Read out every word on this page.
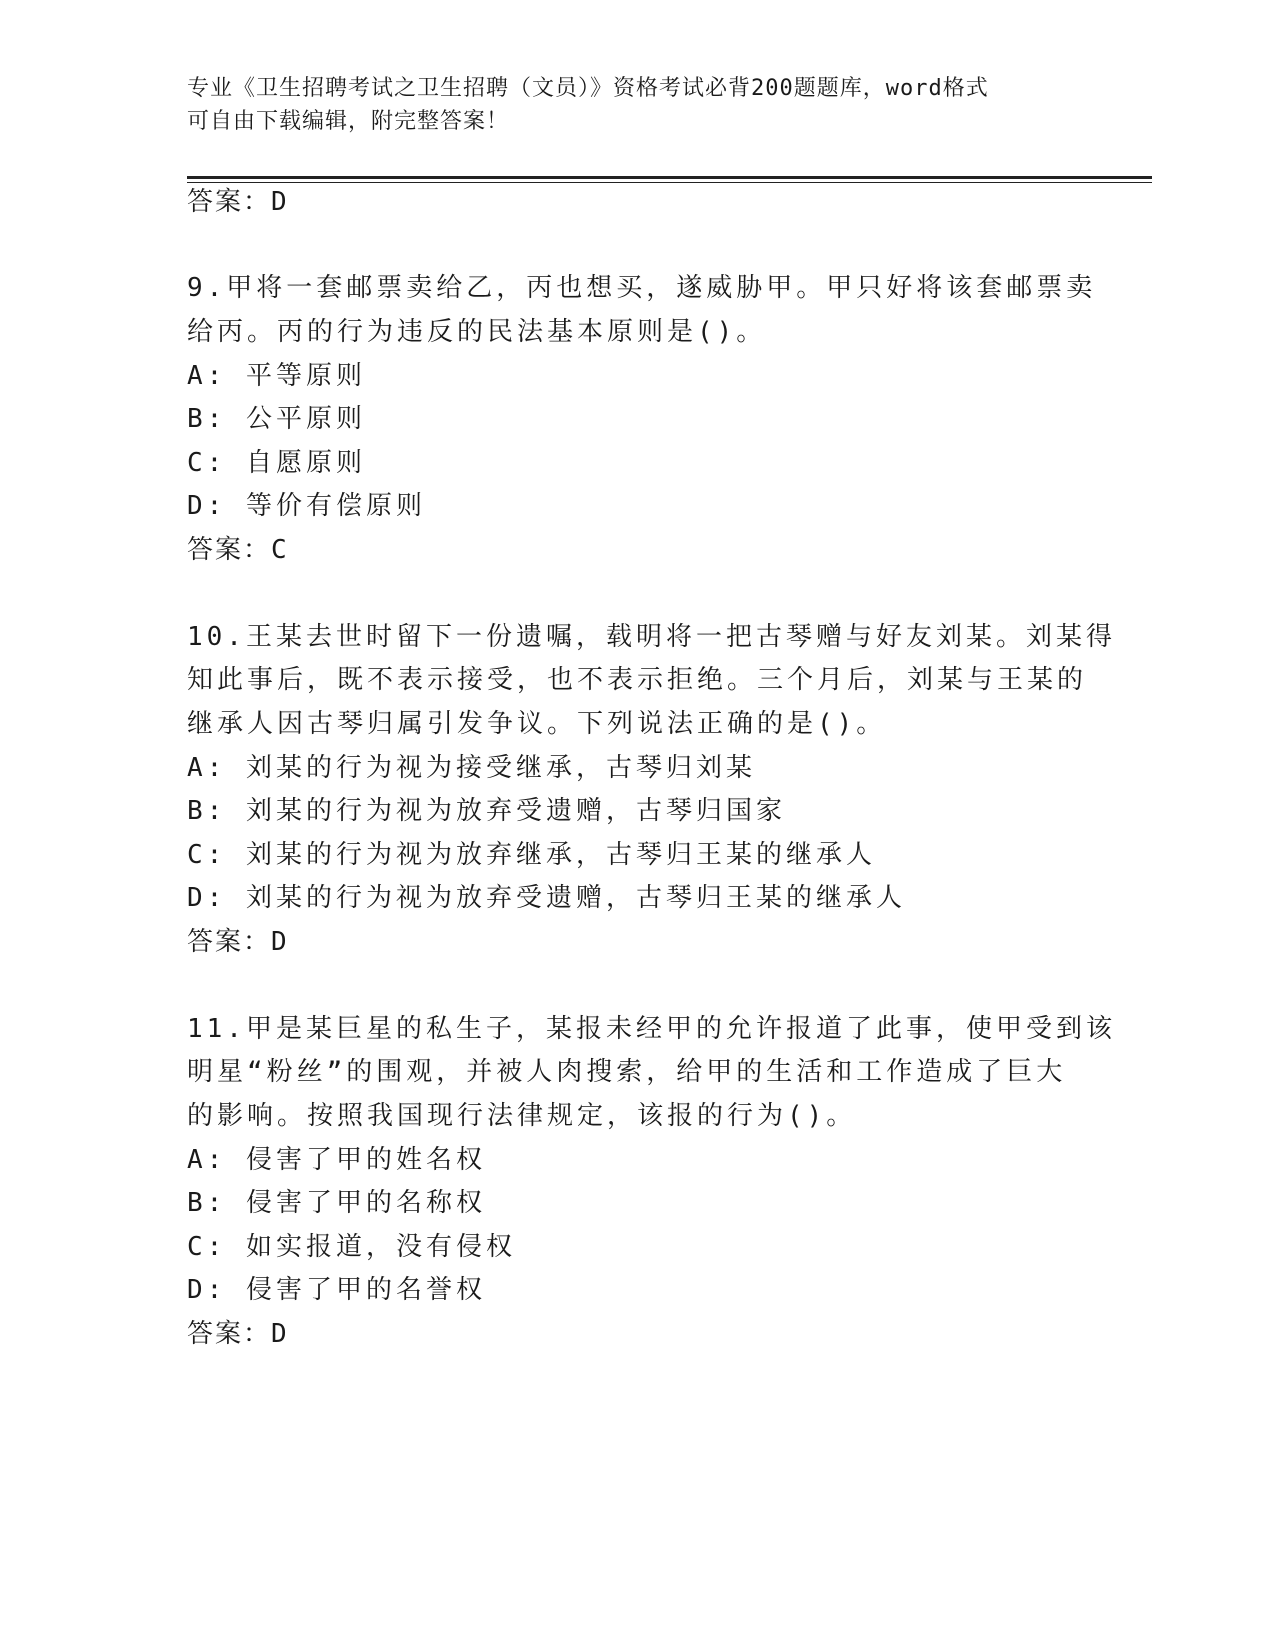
专业《卫生招聘考试之卫生招聘（文员）》资格考试必背200题题库，word格式
可自由下载编辑，附完整答案！
答案：D
9.甲将一套邮票卖给乙，丙也想买，遂威胁甲。甲只好将该套邮票卖
给丙。丙的行为违反的民法基本原则是()。
A: 平等原则
B: 公平原则
C: 自愿原则
D: 等价有偿原则
答案：C
10.王某去世时留下一份遗嘱，载明将一把古琴赠与好友刘某。刘某得
知此事后，既不表示接受，也不表示拒绝。三个月后，刘某与王某的
继承人因古琴归属引发争议。下列说法正确的是()。
A: 刘某的行为视为接受继承，古琴归刘某
B: 刘某的行为视为放弃受遗赠，古琴归国家
C: 刘某的行为视为放弃继承，古琴归王某的继承人
D: 刘某的行为视为放弃受遗赠，古琴归王某的继承人
答案：D
11.甲是某巨星的私生子，某报未经甲的允许报道了此事，使甲受到该
明星“粉丝”的围观，并被人肉搜索，给甲的生活和工作造成了巨大
的影响。按照我国现行法律规定，该报的行为()。
A: 侵害了甲的姓名权
B: 侵害了甲的名称权
C: 如实报道，没有侵权
D: 侵害了甲的名誉权
答案：D
